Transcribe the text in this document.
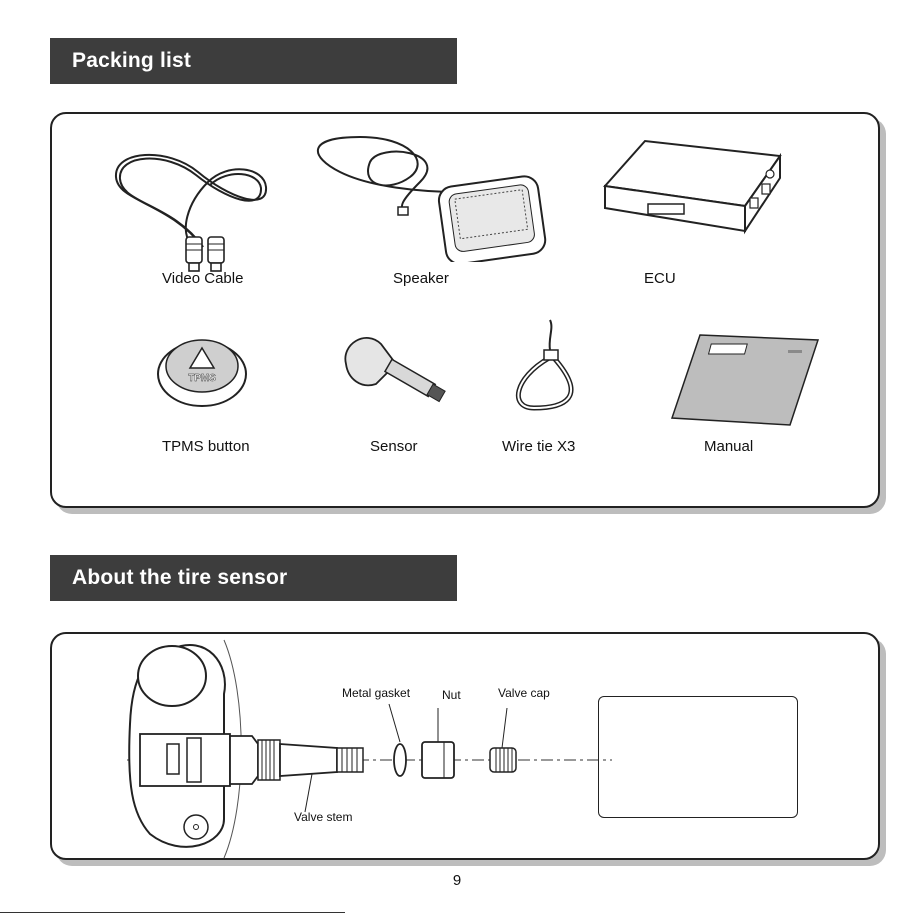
Packing list
Video Cable	Speaker	ECU
TPMS
TPMS button	Sensor	Wire tie X3	Manual
About the tire sensor
Metal gasket	Nut	Valve cap
Valve stem
9
